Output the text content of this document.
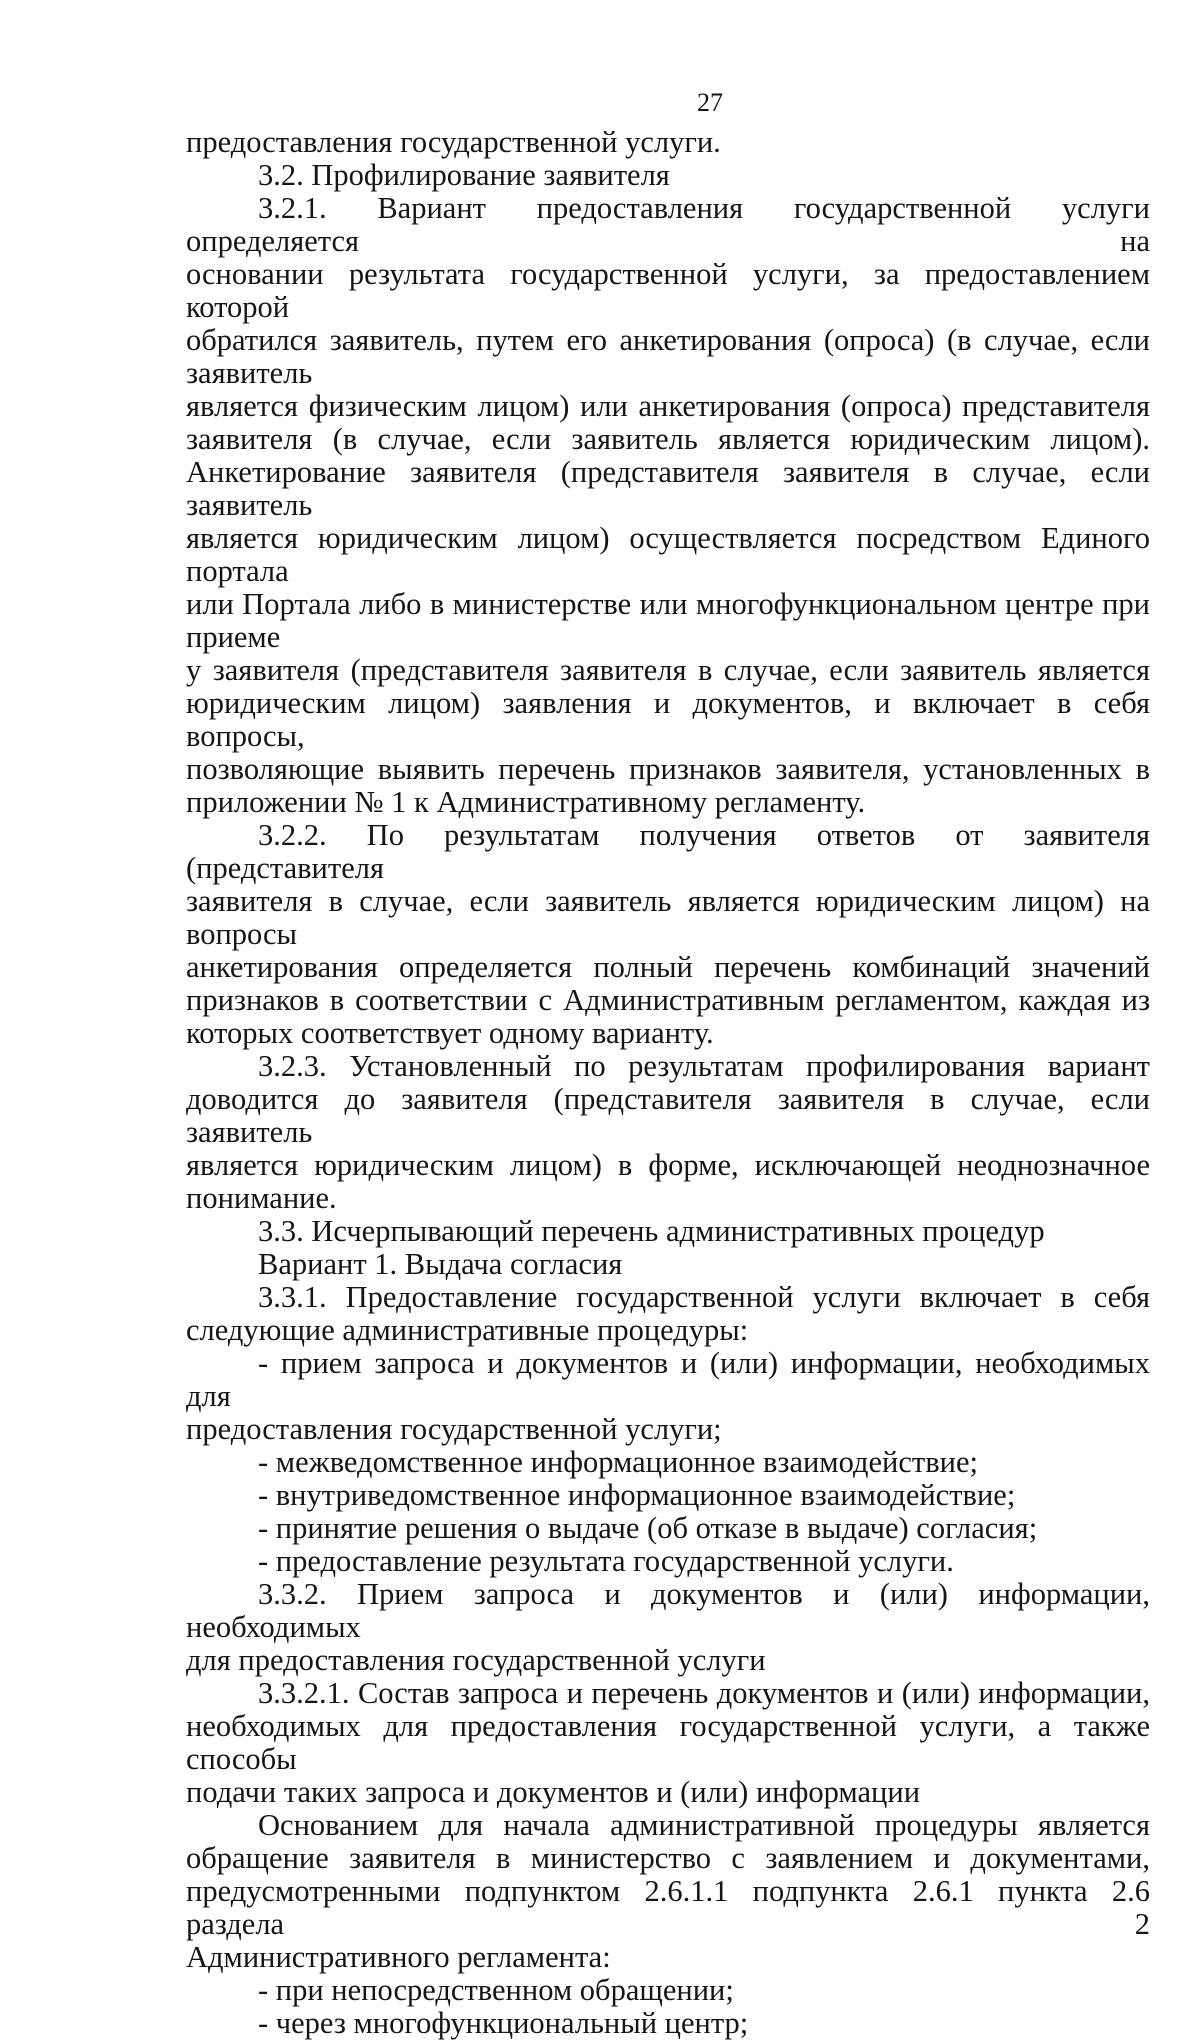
27

предоставления государственной услуги.

3.2. Профилирование заявителя

3.2.1. Вариант предоставления государственной услуги определяется на

основании результата государственной услуги, за предоставлением которой

обратился заявитель, путем его анкетирования (опроса) (в случае, если заявитель

является физическим лицом) или анкетирования (опроса) представителя

заявителя (в случае, если заявитель является юридическим лицом).

Анкетирование заявителя (представителя заявителя в случае, если заявитель

является юридическим лицом) осуществляется посредством Единого портала

или Портала либо в министерстве или многофункциональном центре при приеме

у заявителя (представителя заявителя в случае, если заявитель является

юридическим лицом) заявления и документов, и включает в себя вопросы,

позволяющие выявить перечень признаков заявителя, установленных в

приложении № 1 к Административному регламенту.

3.2.2. По результатам получения ответов от заявителя (представителя

заявителя в случае, если заявитель является юридическим лицом) на вопросы

анкетирования определяется полный перечень комбинаций значений

признаков в соответствии с Административным регламентом, каждая из

которых соответствует одному варианту.

3.2.3. Установленный по результатам профилирования вариант

доводится до заявителя (представителя заявителя в случае, если заявитель

является юридическим лицом) в форме, исключающей неоднозначное

понимание.

3.3. Исчерпывающий перечень административных процедур

Вариант 1. Выдача согласия

3.3.1. Предоставление государственной услуги включает в себя

следующие административные процедуры:

- прием запроса и документов и (или) информации, необходимых для

предоставления государственной услуги;

- межведомственное информационное взаимодействие;

- внутриведомственное информационное взаимодействие;

- принятие решения о выдаче (об отказе в выдаче) согласия;

- предоставление результата государственной услуги.

3.3.2. Прием запроса и документов и (или) информации, необходимых

для предоставления государственной услуги

3.3.2.1. Состав запроса и перечень документов и (или) информации,

необходимых для предоставления государственной услуги, а также способы

подачи таких запроса и документов и (или) информации

Основанием для начала административной процедуры является

обращение заявителя в министерство с заявлением и документами,

предусмотренными подпунктом 2.6.1.1 подпункта 2.6.1 пункта 2.6 раздела 2

Административного регламента:

- при непосредственном обращении;

- через многофункциональный центр;
